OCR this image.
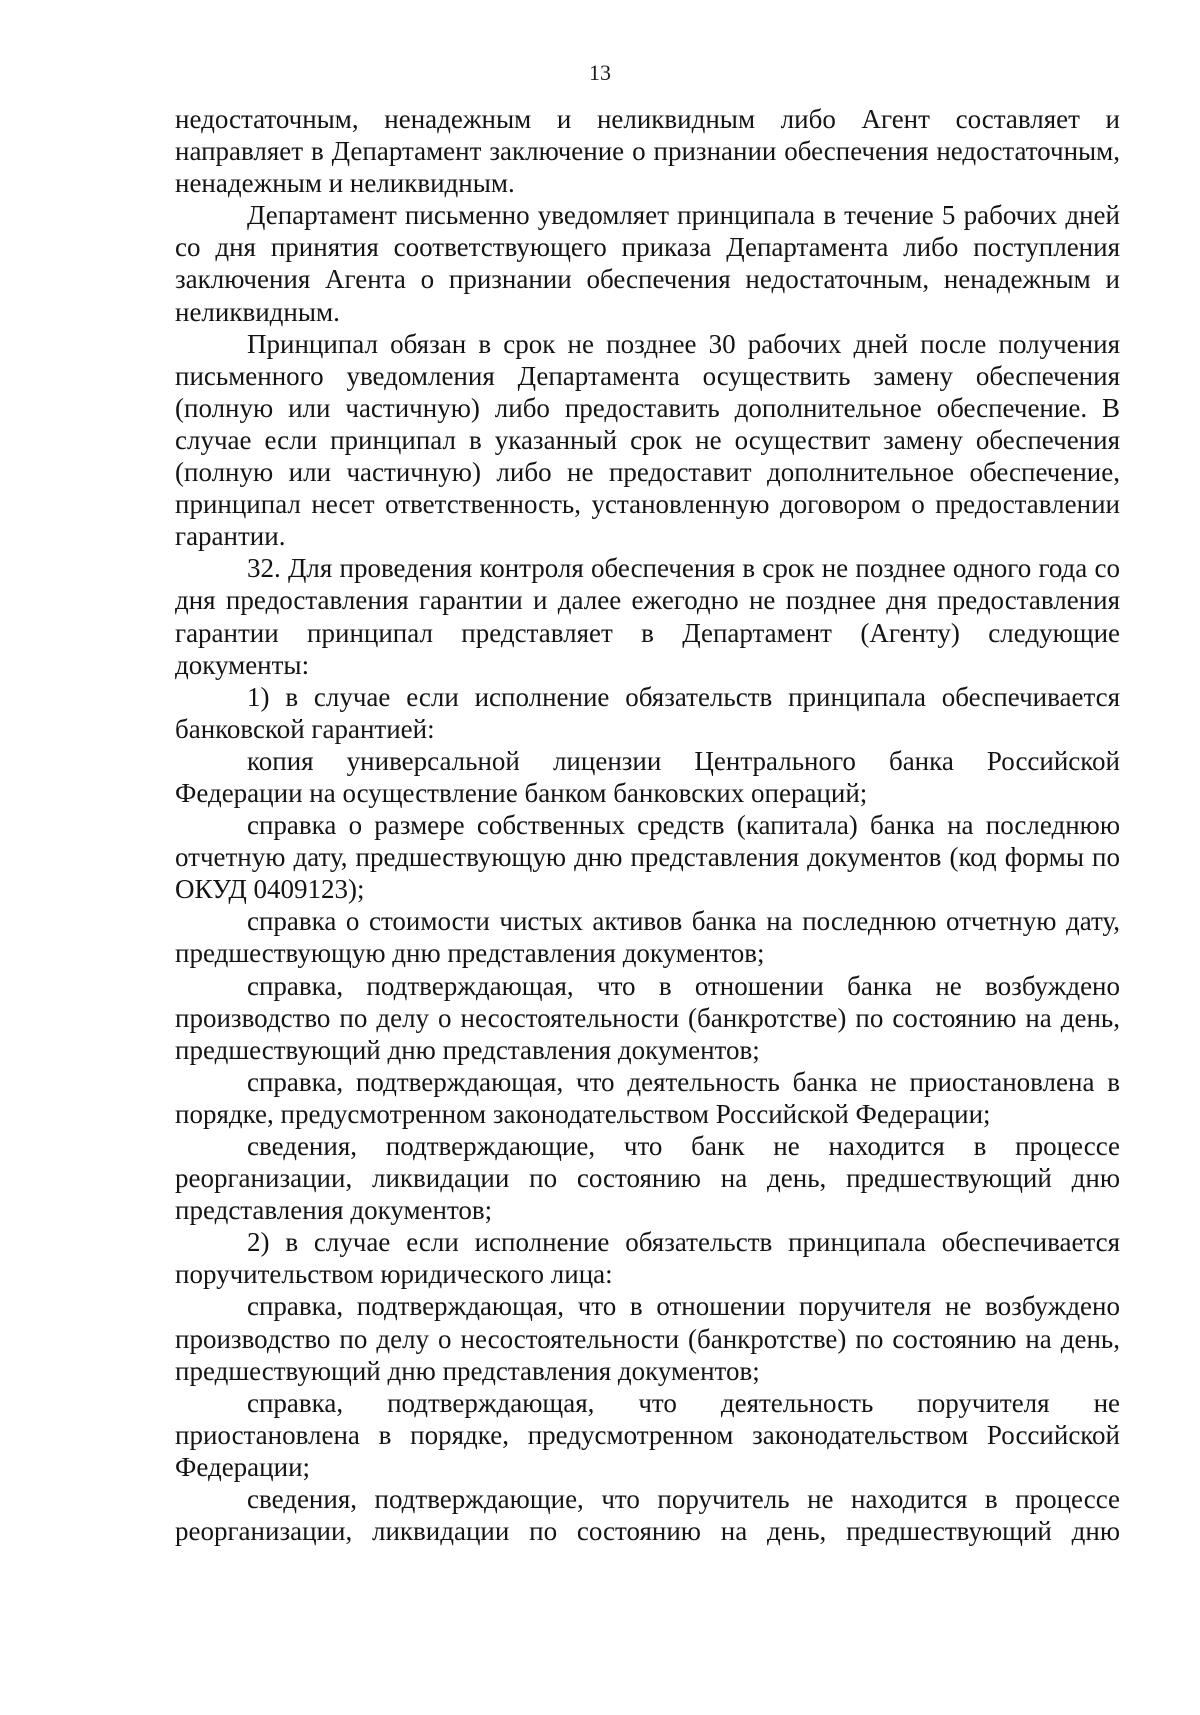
13

недостаточным, ненадежным и неликвидным либо Агент составляет и направляет в Департамент заключение о признании обеспечения недостаточным, ненадежным и неликвидным.

Департамент письменно уведомляет принципала в течение 5 рабочих дней со дня принятия соответствующего приказа Департамента либо поступления заключения Агента о признании обеспечения недостаточным, ненадежным и неликвидным.

Принципал обязан в срок не позднее 30 рабочих дней после получения письменного уведомления Департамента осуществить замену обеспечения (полную или частичную) либо предоставить дополнительное обеспечение. В случае если принципал в указанный срок не осуществит замену обеспечения (полную или частичную) либо не предоставит дополнительное обеспечение, принципал несет ответственность, установленную договором о предоставлении гарантии.

32. Для проведения контроля обеспечения в срок не позднее одного года со дня предоставления гарантии и далее ежегодно не позднее дня предоставления гарантии принципал представляет в Департамент (Агенту) следующие документы:

1) в случае если исполнение обязательств принципала обеспечивается банковской гарантией:

копия универсальной лицензии Центрального банка Российской Федерации на осуществление банком банковских операций;

справка о размере собственных средств (капитала) банка на последнюю отчетную дату, предшествующую дню представления документов (код формы по ОКУД 0409123);

справка о стоимости чистых активов банка на последнюю отчетную дату, предшествующую дню представления документов;

справка, подтверждающая, что в отношении банка не возбуждено производство по делу о несостоятельности (банкротстве) по состоянию на день, предшествующий дню представления документов;

справка, подтверждающая, что деятельность банка не приостановлена в порядке, предусмотренном законодательством Российской Федерации;

сведения, подтверждающие, что банк не находится в процессе реорганизации, ликвидации по состоянию на день, предшествующий дню представления документов;

2) в случае если исполнение обязательств принципала обеспечивается поручительством юридического лица:

справка, подтверждающая, что в отношении поручителя не возбуждено производство по делу о несостоятельности (банкротстве) по состоянию на день, предшествующий дню представления документов;

справка, подтверждающая, что деятельность поручителя не приостановлена в порядке, предусмотренном законодательством Российской Федерации;

сведения, подтверждающие, что поручитель не находится в процессе реорганизации, ликвидации по состоянию на день, предшествующий дню
